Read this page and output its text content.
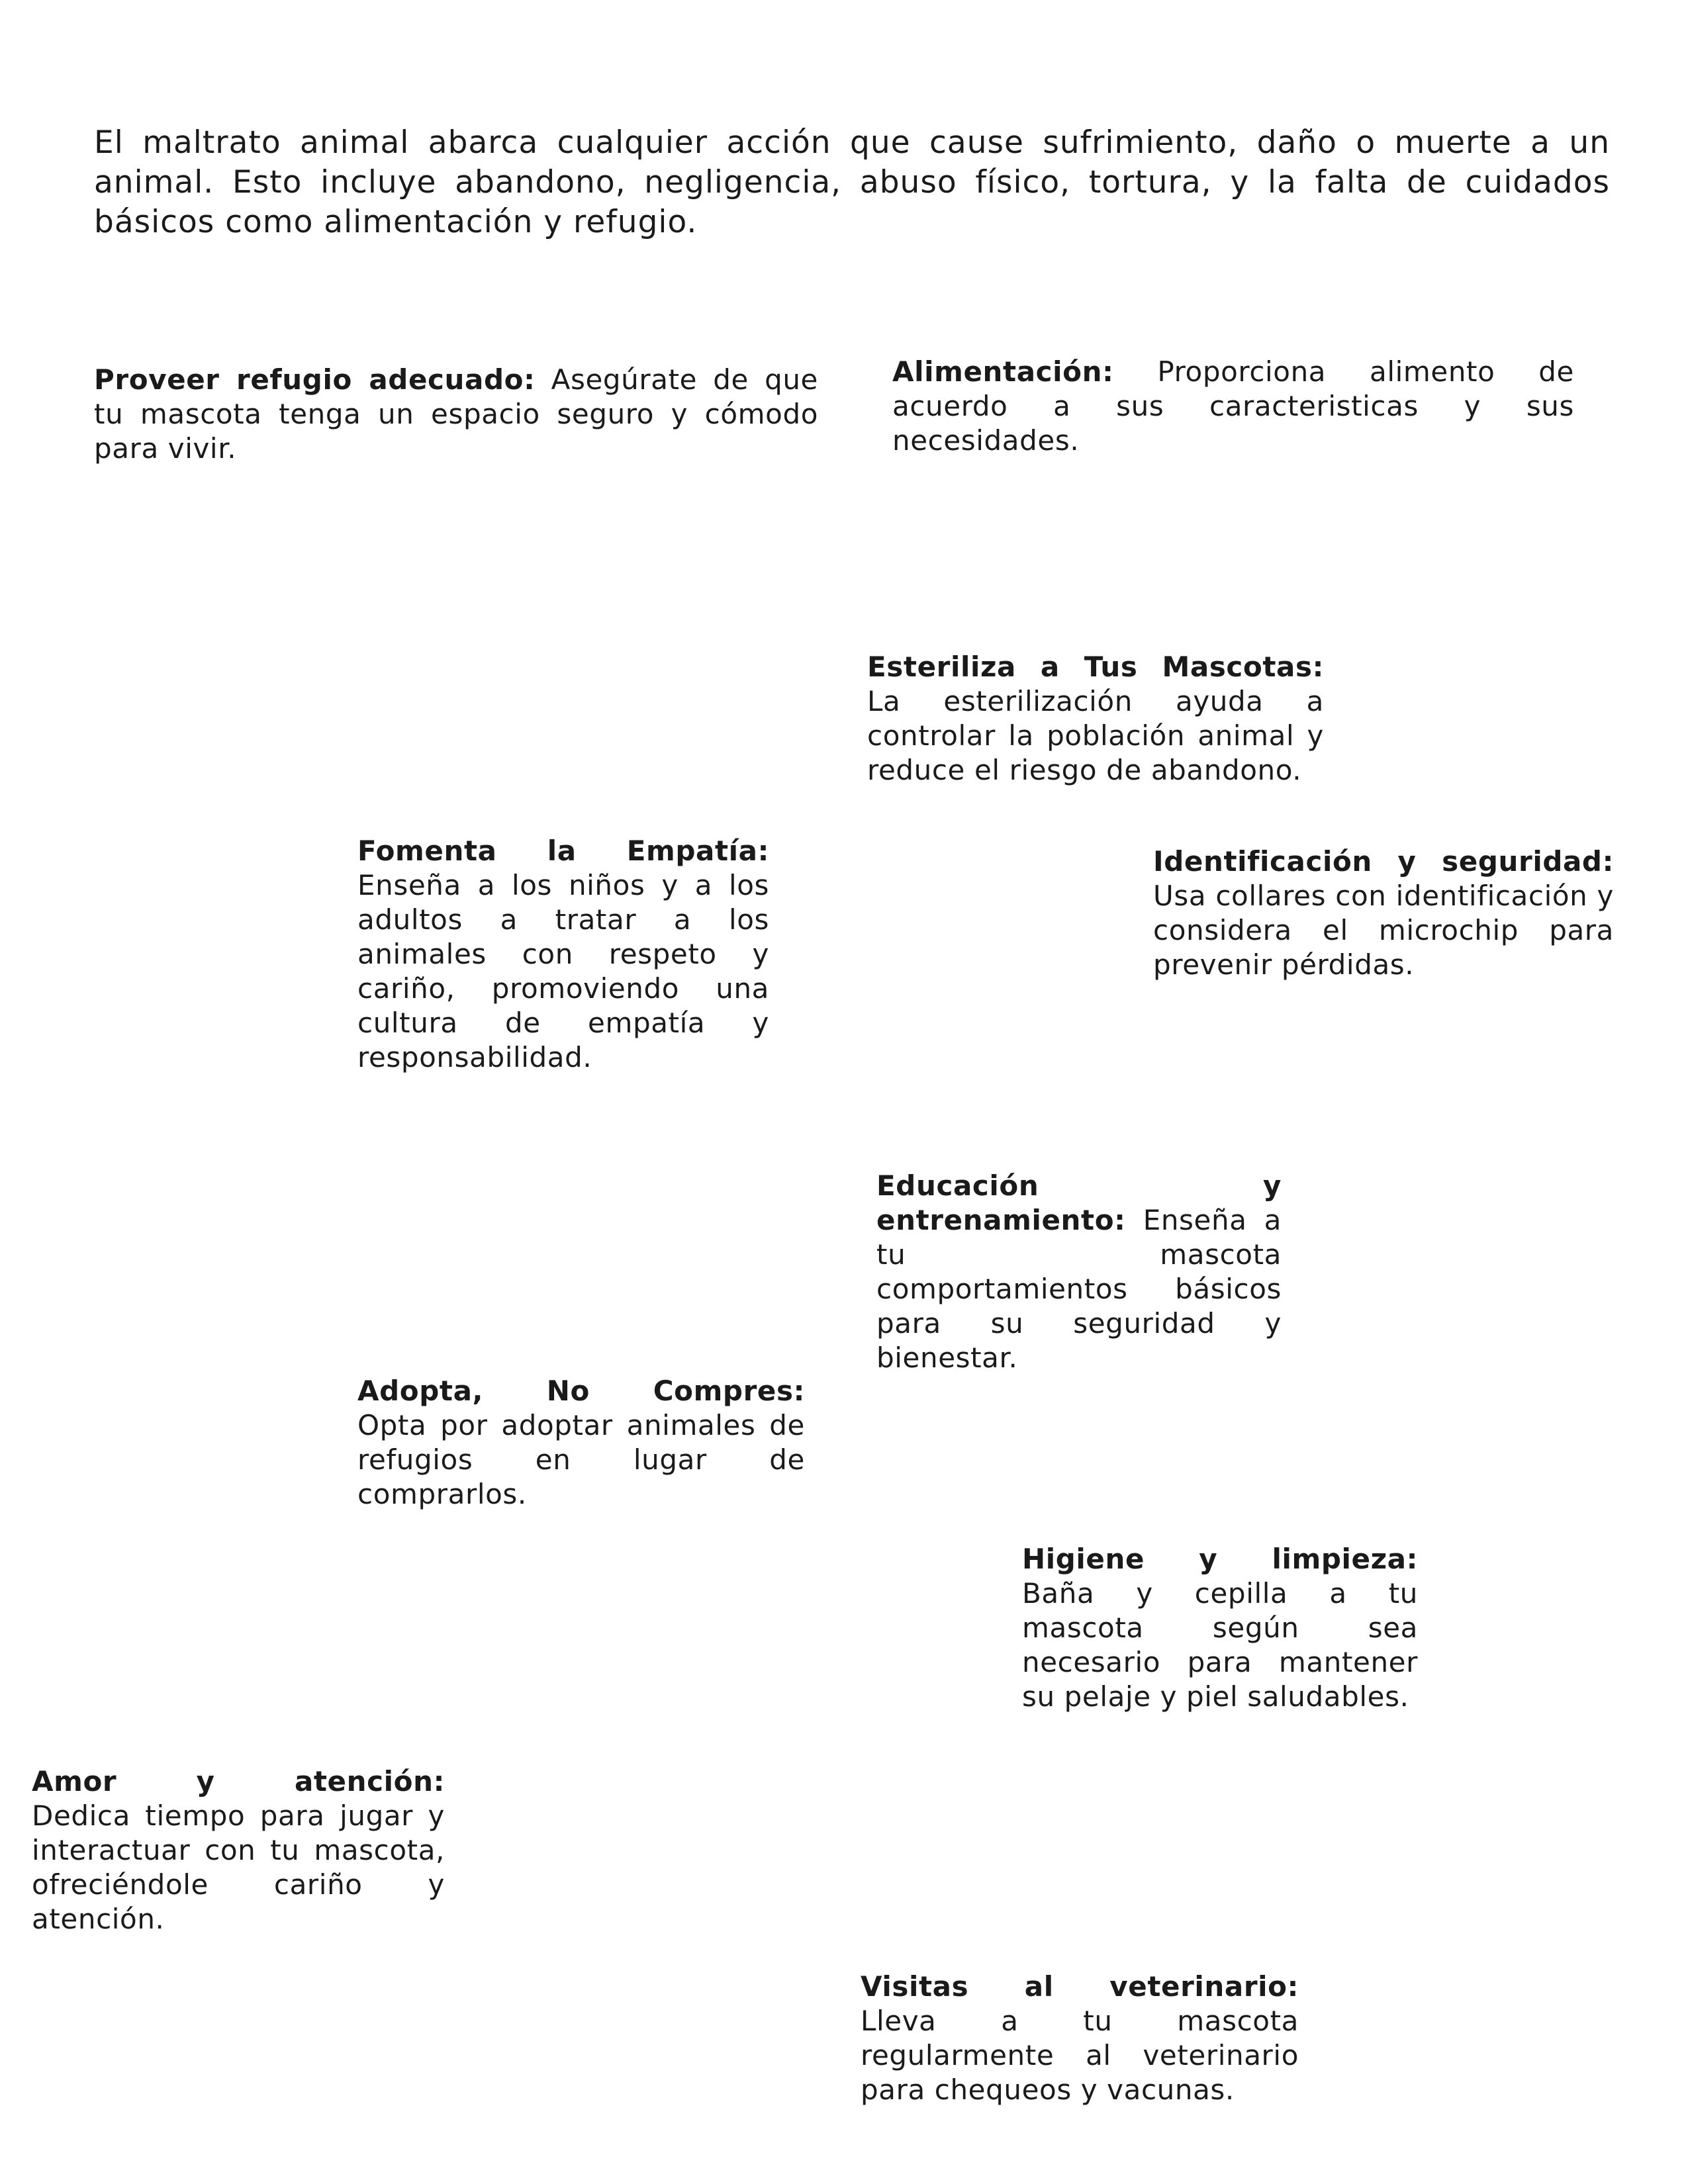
El maltrato animal abarca cualquier acción que cause sufrimiento, daño o muerte a un animal. Esto incluye abandono, negligencia, abuso físico, tortura, y la falta de cuidados básicos como alimentación y refugio.

Proveer refugio adecuado: Asegúrate de que tu mascota tenga un espacio seguro y cómodo para vivir.

Alimentación: Proporciona alimento de acuerdo a sus caracteristicas y sus necesidades.

Esteriliza a Tus Mascotas:
La esterilización ayuda a controlar la población animal y reduce el riesgo de abandono.

Fomenta la Empatía:
Enseña a los niños y a los adultos a tratar a los animales con respeto y cariño, promoviendo una cultura de empatía y responsabilidad.

Identificación y seguridad: Usa collares con identificación y considera el microchip para prevenir pérdidas.

Educación y entrenamiento: Enseña a tu mascota comportamientos básicos para su seguridad y bienestar.

Adopta, No Compres:
Opta por adoptar animales de refugios en lugar de comprarlos.

Higiene y limpieza:
Baña y cepilla a tu mascota según sea necesario para mantener su pelaje y piel saludables.

Amor y atención:
Dedica tiempo para jugar y interactuar con tu mascota, ofreciéndole cariño y atención.

Visitas al veterinario:
Lleva a tu mascota regularmente al veterinario para chequeos y vacunas.
